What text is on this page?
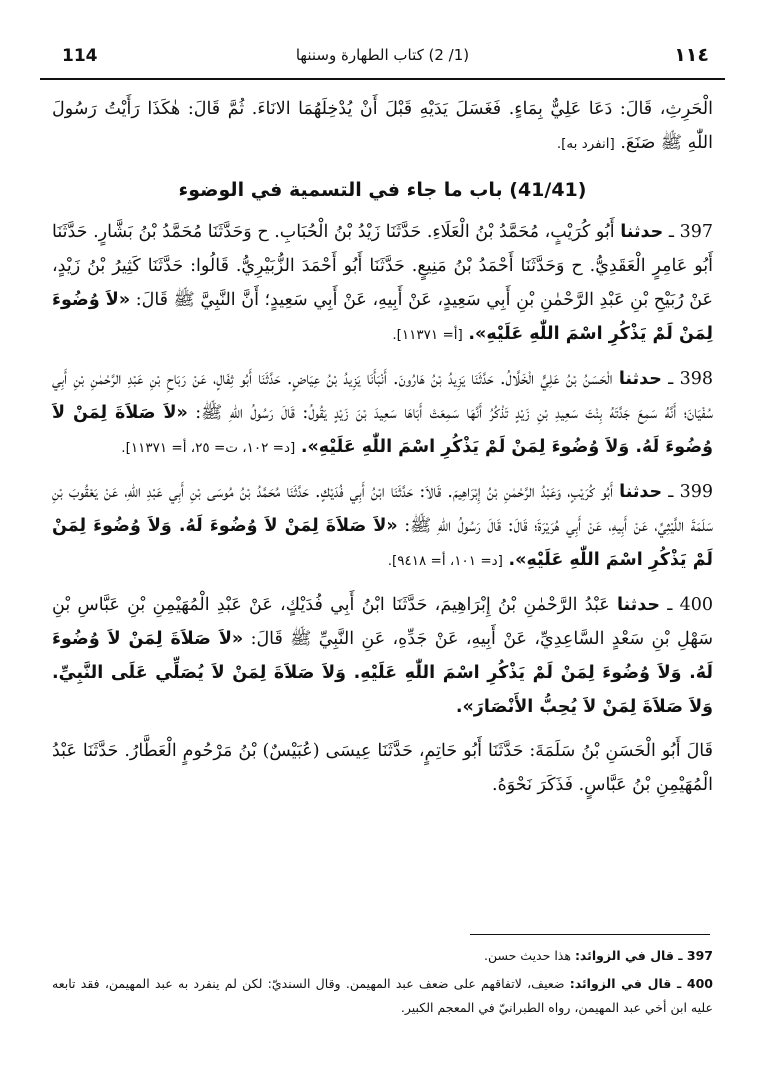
114	(1/ 2) كتاب الطهارة وسننها	١١٤

الْحَرِثِ، قَالَ: دَعَا عَلِيٌّ بِمَاءٍ. فَغَسَلَ يَدَيْهِ قَبْلَ أَنْ يُدْخِلَهُمَا الانَاءَ. ثُمَّ قَالَ: هٰكَذَا رَأَيْتُ رَسُولَ اللّٰهِ ﷺ صَنَعَ. [انفرد به].

(41/41) باب ما جاء في التسمية في الوضوء

397 ـ حدثنا أَبُو كُرَيْبٍ، مُحَمَّدُ بْنُ الْعَلَاءِ. حَدَّثَنَا زَيْدُ بْنُ الْحُبَابِ. ح وَحَدَّثَنَا مُحَمَّدُ بْنُ بَشَّارٍ. حَدَّثَنَا أَبُو عَامِرٍ الْعَقَدِيُّ. ح وَحَدَّثَنَا أَحْمَدُ بْنُ مَنِيعٍ. حَدَّثَنَا أَبُو أَحْمَدَ الزُّبَيْرِيُّ. قَالُوا: حَدَّثَنَا كَثِيرُ بْنُ زَيْدٍ، عَنْ رُبَيْحِ بْنِ عَبْدِ الرَّحْمٰنِ بْنِ أَبِي سَعِيدٍ، عَنْ أَبِيهِ، عَنْ أَبِي سَعِيدٍ؛ أَنَّ النَّبِيَّ ﷺ قَالَ: «لاَ وُضُوءَ لِمَنْ لَمْ يَذْكُرِ اسْمَ اللّٰهِ عَلَيْهِ». [أ= ١١٣٧١].

398 ـ حدثنا الْحَسَنُ بْنُ عَلِيٍّ الْخَلَّالُ. حَدَّثَنَا يَزِيدُ بْنُ هَارُونَ. أَنْبَأَنَا يَزِيدُ بْنُ عِيَاضٍ. حَدَّثَنَا أَبُو ثِفَالٍ، عَنْ رَبَاحِ بْنِ عَبْدِ الرَّحْمٰنِ بْنِ أَبِي سُفْيَانَ؛ أَنَّهُ سَمِعَ جَدَّتَهُ بِنْتَ سَعِيدِ بْنِ زَيْدٍ تَذْكُرُ أَنَّهَا سَمِعَتْ أَبَاهَا سَعِيدَ بْنَ زَيْدٍ يَقُولُ: قَالَ رَسُولُ اللّٰهِ ﷺ: «لاَ صَلاَةَ لِمَنْ لاَ وُضُوءَ لَهُ. وَلاَ وُضُوءَ لِمَنْ لَمْ يَذْكُرِ اسْمَ اللّٰهِ عَلَيْهِ». [د= ١٠٢، ت= ٢٥، أ= ١١٣٧١].

399 ـ حدثنا أَبُو كُرَيْبٍ، وَعَبْدُ الرَّحْمٰنِ بْنُ إِبْرَاهِيمَ. قَالاَ: حَدَّثَنَا ابْنُ أَبِي فُدَيْكٍ. حَدَّثَنَا مُحَمَّدُ بْنُ مُوسَى بْنِ أَبِي عَبْدِ اللّٰهِ، عَنْ يَعْقُوبَ بْنِ سَلَمَةَ اللَّيْثِيِّ، عَنْ أَبِيهِ، عَنْ أَبِي هُرَيْرَةَ؛ قَالَ: قَالَ رَسُولُ اللّٰهِ ﷺ: «لاَ صَلاَةَ لِمَنْ لاَ وُضُوءَ لَهُ. وَلاَ وُضُوءَ لِمَنْ لَمْ يَذْكُرِ اسْمَ اللّٰهِ عَلَيْهِ». [د= ١٠١، أ= ٩٤١٨].

400 ـ حدثنا عَبْدُ الرَّحْمٰنِ بْنُ إِبْرَاهِيمَ، حَدَّثَنَا ابْنُ أَبِي فُدَيْكٍ، عَنْ عَبْدِ الْمُهَيْمِنِ بْنِ عَبَّاسِ بْنِ سَهْلِ بْنِ سَعْدٍ السَّاعِدِيِّ، عَنْ أَبِيهِ، عَنْ جَدِّهِ، عَنِ النَّبِيِّ ﷺ قَالَ: «لاَ صَلاَةَ لِمَنْ لاَ وُضُوءَ لَهُ. وَلاَ وُضُوءَ لِمَنْ لَمْ يَذْكُرِ اسْمَ اللّٰهِ عَلَيْهِ. وَلاَ صَلاَةَ لِمَنْ لاَ يُصَلِّي عَلَى النَّبِيِّ. وَلاَ صَلاَةَ لِمَنْ لاَ يُحِبُّ الأَنْصَارَ».

قَالَ أَبُو الْحَسَنِ بْنُ سَلَمَةَ: حَدَّثَنَا أَبُو حَاتِمٍ، حَدَّثَنَا عِيسَى (عُبَيْسٌ) بْنُ مَرْحُومٍ الْعَطَّارُ. حَدَّثَنَا عَبْدُ الْمُهَيْمِنِ بْنُ عَبَّاسٍ. فَذَكَرَ نَحْوَهُ.

397 ـ قال في الزوائد: هذا حديث حسن.

400 ـ قال في الزوائد: ضعيف، لاتفاقهم على ضعف عبد المهيمن. وقال السنديّ: لكن لم ينفرد به عبد المهيمن، فقد تابعه عليه ابن أخي عبد المهيمن، رواه الطبرانيّ في المعجم الكبير.
